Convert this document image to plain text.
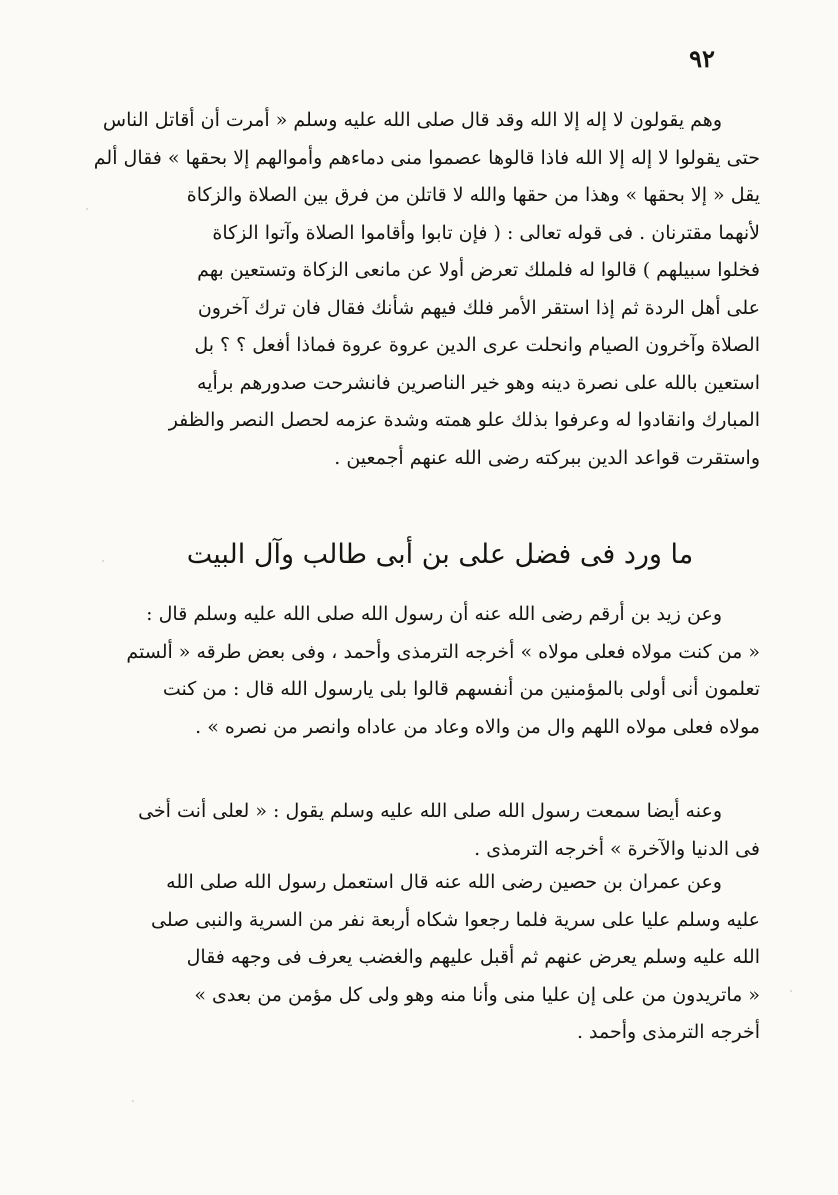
٩٢
وهم يقولون لا إله إلا الله وقد قال صلى الله عليه وسلم « أمرت أن أقاتل الناس
حتى يقولوا لا إله إلا الله فاذا قالوها عصموا منى دماءهم وأموالهم إلا بحقها » فقال ألم
يقل « إلا بحقها » وهذا من حقها والله لا قاتلن من فرق بين الصلاة والزكاة
لأنهما مقترنان . فى قوله تعالى : ( فإن تابوا وأقاموا الصلاة وآتوا الزكاة
فخلوا سبيلهم ) قالوا له فلملك تعرض أولا عن مانعى الزكاة وتستعين بهم
على أهل الردة ثم إذا استقر الأمر فلك فيهم شأنك فقال فان ترك آخرون
الصلاة وآخرون الصيام وانحلت عرى الدين عروة عروة فماذا أفعل ؟ ؟ بل
استعين بالله على نصرة دينه وهو خير الناصرين فانشرحت صدورهم برأيه
المبارك وانقادوا له وعرفوا بذلك علو همته وشدة عزمه لحصل النصر والظفر
واستقرت قواعد الدين ببركته رضى الله عنهم أجمعين .
ما ورد فى فضل على بن أبى طالب وآل البيت
وعن زيد بن أرقم رضى الله عنه أن رسول الله صلى الله عليه وسلم قال :
« من كنت مولاه فعلى مولاه » أخرجه الترمذى وأحمد ، وفى بعض طرقه « ألستم
تعلمون أنى أولى بالمؤمنين من أنفسهم قالوا بلى يارسول الله قال : من كنت
مولاه فعلى مولاه اللهم وال من والاه وعاد من عاداه وانصر من نصره » .
وعنه أيضا سمعت رسول الله صلى الله عليه وسلم يقول : « لعلى أنت أخى
فى الدنيا والآخرة » أخرجه الترمذى .
وعن عمران بن حصين رضى الله عنه قال استعمل رسول الله صلى الله
عليه وسلم عليا على سرية فلما رجعوا شكاه أربعة نفر من السرية والنبى صلى
الله عليه وسلم يعرض عنهم ثم أقبل عليهم والغضب يعرف فى وجهه فقال
« ماتريدون من على إن عليا منى وأنا منه وهو ولى كل مؤمن من بعدى »
أخرجه الترمذى وأحمد .
